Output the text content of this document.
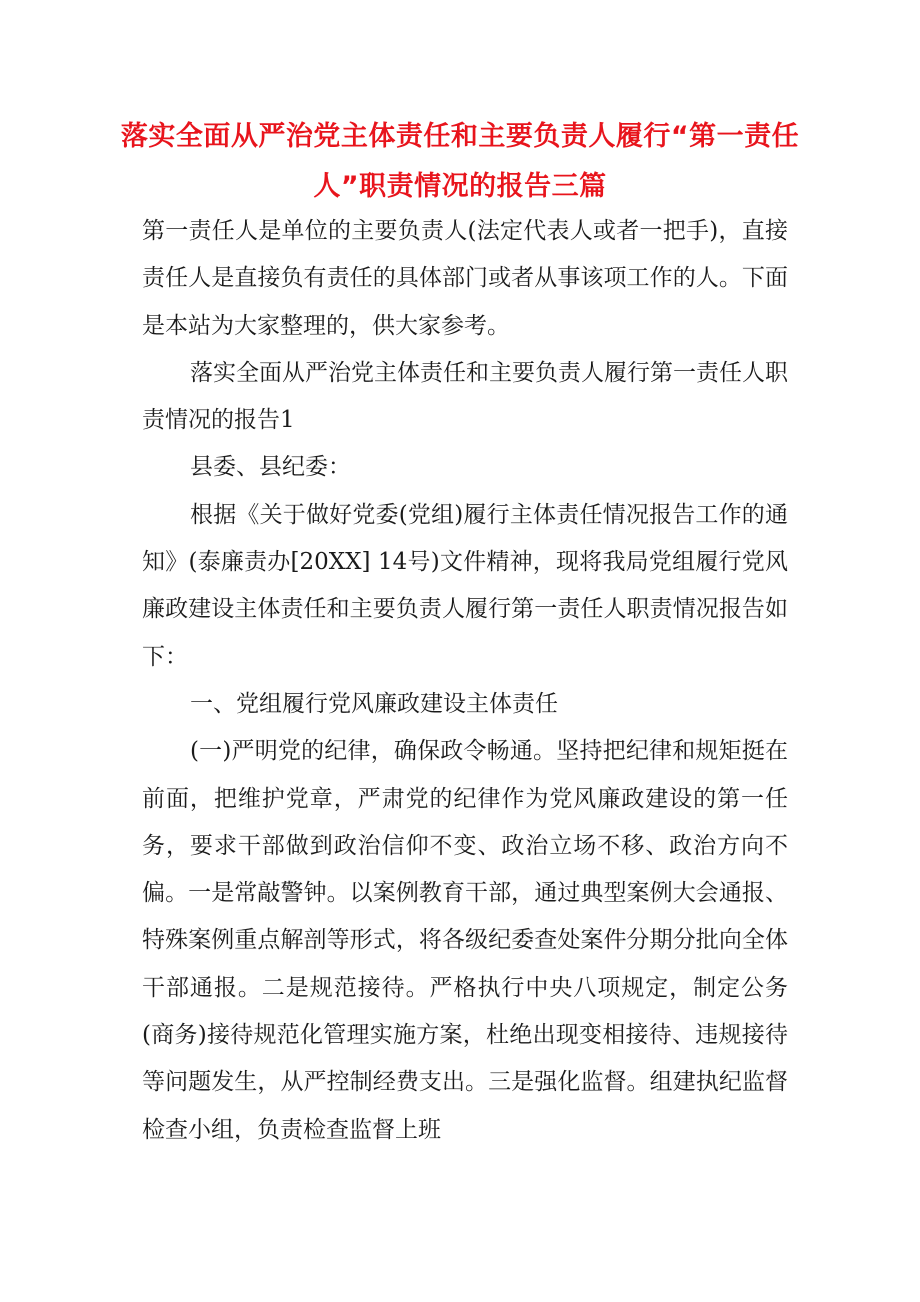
落实全面从严治党主体责任和主要负责人履行“第一责任人”职责情况的报告三篇

第一责任人是单位的主要负责人(法定代表人或者一把手)，直接责任人是直接负有责任的具体部门或者从事该项工作的人。下面是本站为大家整理的，供大家参考。

落实全面从严治党主体责任和主要负责人履行第一责任人职责情况的报告1

县委、县纪委：

根据《关于做好党委(党组)履行主体责任情况报告工作的通知》(泰廉责办[20XX] 14号)文件精神，现将我局党组履行党风廉政建设主体责任和主要负责人履行第一责任人职责情况报告如下：

一、党组履行党风廉政建设主体责任

(一)严明党的纪律，确保政令畅通。坚持把纪律和规矩挺在前面，把维护党章，严肃党的纪律作为党风廉政建设的第一任务，要求干部做到政治信仰不变、政治立场不移、政治方向不偏。一是常敲警钟。以案例教育干部，通过典型案例大会通报、特殊案例重点解剖等形式，将各级纪委查处案件分期分批向全体干部通报。二是规范接待。严格执行中央八项规定，制定公务(商务)接待规范化管理实施方案，杜绝出现变相接待、违规接待等问题发生，从严控制经费支出。三是强化监督。组建执纪监督检查小组，负责检查监督上班
